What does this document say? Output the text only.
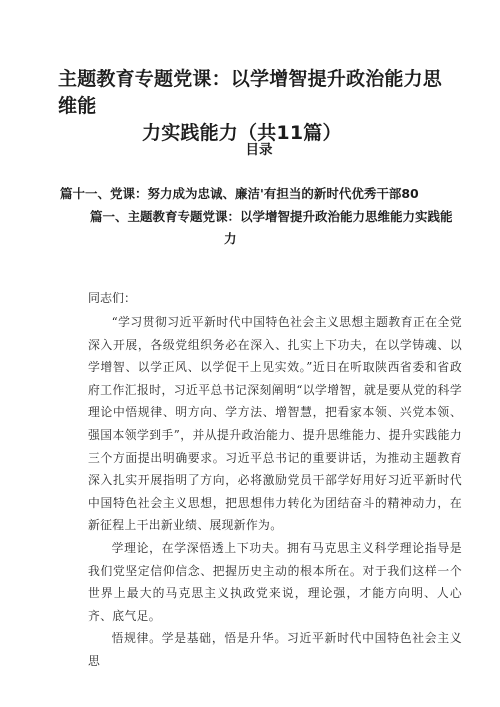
主题教育专题党课：以学增智提升政治能力思维能
力实践能力（共11篇）
目录
篇十一、党课：努力成为忠诚、廉洁'有担当的新时代优秀干部80
篇一、主题教育专题党课：以学增智提升政治能力思维能力实践能
力
同志们：

“学习贯彻习近平新时代中国特色社会主义思想主题教育正在全党深入开展，各级党组织务必在深入、扎实上下功夫，在以学铸魂、以学增智、以学正风、以学促干上见实效。”近日在听取陕西省委和省政府工作汇报时，习近平总书记深刻阐明“以学增智，就是要从党的科学理论中悟规律、明方向、学方法、增智慧，把看家本领、兴党本领、强国本领学到手”，并从提升政治能力、提升思维能力、提升实践能力三个方面提出明确要求。习近平总书记的重要讲话，为推动主题教育深入扎实开展指明了方向，必将激励党员干部学好用好习近平新时代中国特色社会主义思想，把思想伟力转化为团结奋斗的精神动力，在新征程上干出新业绩、展现新作为。

学理论，在学深悟透上下功夫。拥有马克思主义科学理论指导是我们党坚定信仰信念、把握历史主动的根本所在。对于我们这样一个世界上最大的马克思主义执政党来说，理论强，才能方向明、人心齐、底气足。

悟规律。学是基础，悟是升华。习近平新时代中国特色社会主义思
